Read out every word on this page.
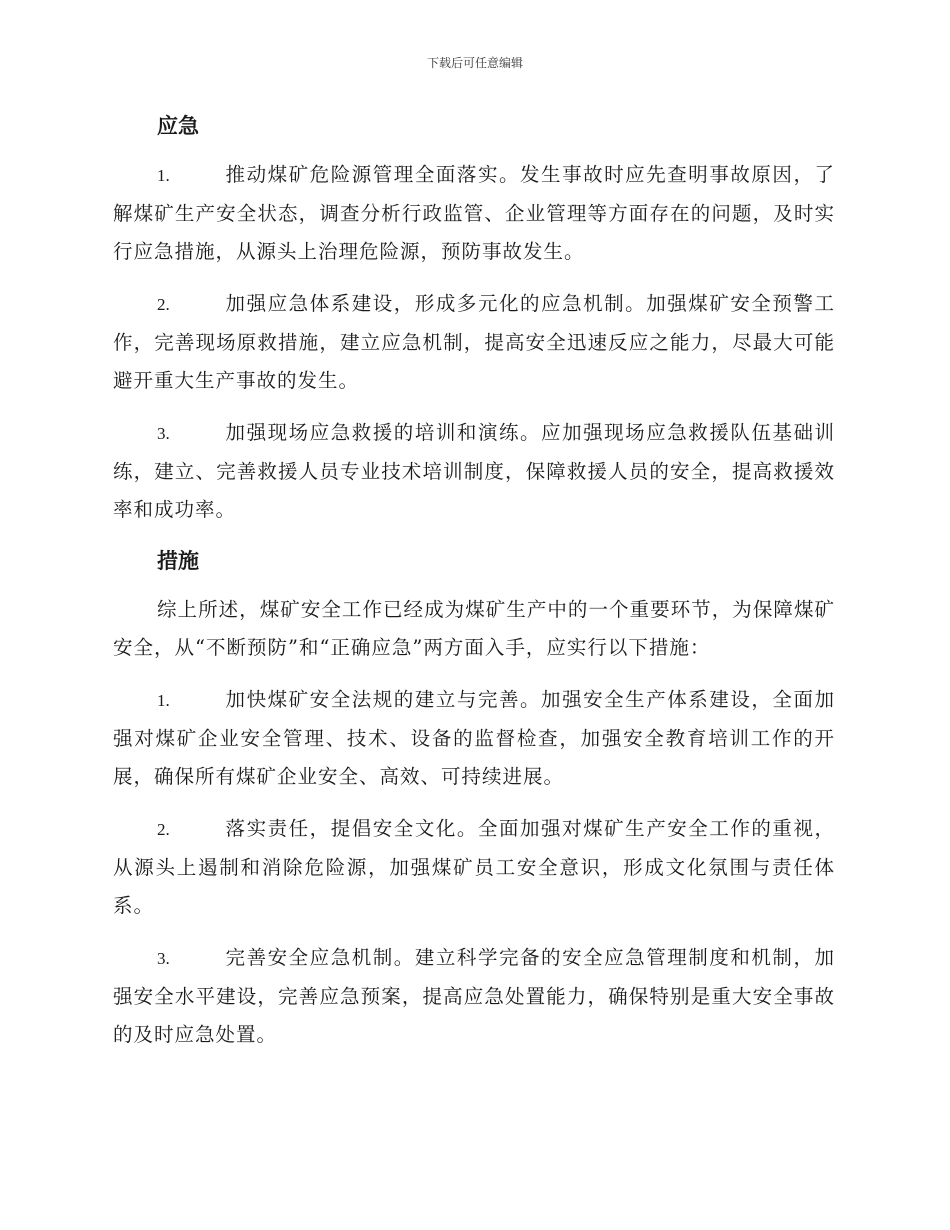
下载后可任意编辑
应急

1.	推动煤矿危险源管理全面落实。发生事故时应先查明事故原因，了解煤矿生产安全状态，调查分析行政监管、企业管理等方面存在的问题，及时实行应急措施，从源头上治理危险源，预防事故发生。

2.	加强应急体系建设，形成多元化的应急机制。加强煤矿安全预警工作，完善现场原救措施，建立应急机制，提高安全迅速反应之能力，尽最大可能避开重大生产事故的发生。

3.	加强现场应急救援的培训和演练。应加强现场应急救援队伍基础训练，建立、完善救援人员专业技术培训制度，保障救援人员的安全，提高救援效率和成功率。

措施

综上所述，煤矿安全工作已经成为煤矿生产中的一个重要环节，为保障煤矿安全，从“不断预防”和“正确应急”两方面入手，应实行以下措施：

1.	加快煤矿安全法规的建立与完善。加强安全生产体系建设，全面加强对煤矿企业安全管理、技术、设备的监督检查，加强安全教育培训工作的开展，确保所有煤矿企业安全、高效、可持续进展。

2.	落实责任，提倡安全文化。全面加强对煤矿生产安全工作的重视，从源头上遏制和消除危险源，加强煤矿员工安全意识，形成文化氛围与责任体系。

3.	完善安全应急机制。建立科学完备的安全应急管理制度和机制，加强安全水平建设，完善应急预案，提高应急处置能力，确保特别是重大安全事故的及时应急处置。
